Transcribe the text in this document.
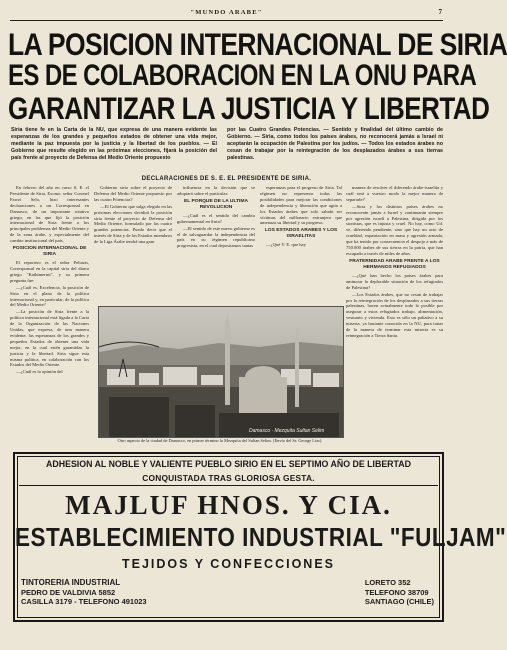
"MUNDO ARABE"	7
LA POSICION INTERNACIONAL DE SIRIA
ES DE COLABORACION EN LA ONU PARA
GARANTIZAR LA JUSTICIA Y LIBERTAD
Siria tiene fe en la Carta de la NU, que expresa de una manera evidente las esperanzas de los grandes y pequeños estados de obtener una vida mejor, mediante la paz impuesta por la justicia y la libertad de los pueblos. — El Gobierno que resulte elegido en las próximas elecciones, fijará la posición del país frente al proyecto de Defensa del Medio Oriente propuesto
por las Cuatro Grandes Potencias. — Sentido y finalidad del último cambio de Gobierno. — Siria, como todos los países árabes, no reconocerá jamás a Israel ni aceptarán la ocupación de Palestina por los judíos. — Todos los estados árabes no cesan de trabajar por la reintegración de los desplazados árabes a sus tierras palestinas.
DECLARACIONES DE S. E. EL PRESIDENTE DE SIRIA.

En febrero del año en curso S. E. el Presidente de Siria, Excmo. señor Coronel Fawzi Selo, hizo interesantes declaraciones a un Corresponsal en Damasco, de un importante rotativo griego, en las que fijó la posición internacional de Siria frente a los principales problemas del Medio Oriente y de la zona árabe, y especialmente del cambio institucional del país.

POSICION INTERNACIONAL DE SIRIA

El reportero es el señor Peliazis, Corresponsal en la capital siria del diario griego "Kathimerini", y su primera pregunta fue:

—¿Cuál es, Excelencia, la posición de Siria en el plano de la política internacional y, en particular, de la política del Medio Oriente?

—La posición de Siria frente a la política internacional está ligada a la Carta de la Organización de las Naciones Unidas, que expresa, de una manera evidente, las esperanzas de los grandes y pequeños Estados de obtener una vida mejor, en la cual estén garantidas la justicia y la libertad. Siria sigue esta misma política, en colaboración con los Estados del Medio Oriente.

—¿Cuál es la opinión del

Gobierno sirio sobre el proyecto de Defensa del Medio Oriente propuesto por las cuatro Potencias?

—El Gobierno que salga elegido en las próximas elecciones decidirá la posición siria frente al proyecto de Defensa del Medio Oriente, formulado por las cuatro grandes potencias. Puedo decir que el interés de Siria y de los Estados miembros de la Liga Árabe tendrá una gran

influencia en la decisión que se adoptará sobre el particular.

EL PORQUE DE LA ULTIMA REVOLUCION

—¿Cuál es el sentido del cambio gubernamental en Siria?

—El sentido de este nuevo gobierno es el de salvaguardar la independencia del país en su régimen republicano progresista, en el cual depositamos tantas

esperanzas para el progreso de Siria. Tal régimen no representa todas las posibilidades para mejorar las condiciones de independencia y liberación que agita a los Estados árabes que solo sabrán ser víctimas del millonario extranjero que amenaza su libertad y su progreso.

LOS ESTADOS ARABES Y LOS ISRAELITAS

—¿Qué V. E. que hay

manera de resolver el diferendo árabe-israelita y cuál será a vuestro modo la mejor manera de separarle?

—Siria y los distintos países árabes no reconocerán jamás a Israel y continuarán siempre por agresión israelí a Palestina, dirigida por los sionistas, que es injusta y cruel. No hay, como Ud. ve, diferendo pendiente, sino que hay un acto de crueldad, expatriación en masa y agresión armada, que ha tenido por consecuencia el despojo a más de 750.000 árabes de sus tierras en la patria, que han escapado a través de miles de años.

FRATERNIDAD ARABE FRENTE A LOS HERMANOS REFUGIADOS

—¿Qué han hecho los países árabes para aminorar la deplorable situación de los refugiados de Palestina?

—Los Estados árabes, que no cesan de trabajar por la reintegración de los desplazados a sus tierras palestinas, hacen actualmente todo lo posible por asegurar a estos refugiados trabajo, alimentación, vestuario y vivienda. Esto es sólo un paliativo a su miseria, ya bastante conocida en la NU, para tratar de la manera de terminar esta miseria es su reintegración a Tierra Santa.

Damasco · Mezquita Sultan Selim
Otro aspecto de la ciudad de Damasco, en primer término la Mezquita del Sultan Selim. (Envío del Sr. George Lias).
ADHESION AL NOBLE Y VALIENTE PUEBLO SIRIO EN EL SEPTIMO AÑO DE LIBERTAD
CONQUISTADA TRAS GLORIOSA GESTA.
MAJLUF HNOS. Y CIA.
ESTABLECIMIENTO INDUSTRIAL "FULJAM"
TEJIDOS Y CONFECCIONES
TINTORERIA INDUSTRIAL
PEDRO DE VALDIVIA 5852
CASILLA 3179 - TELEFONO 491023
LORETO 352
TELEFONO 38709
SANTIAGO (CHILE)
